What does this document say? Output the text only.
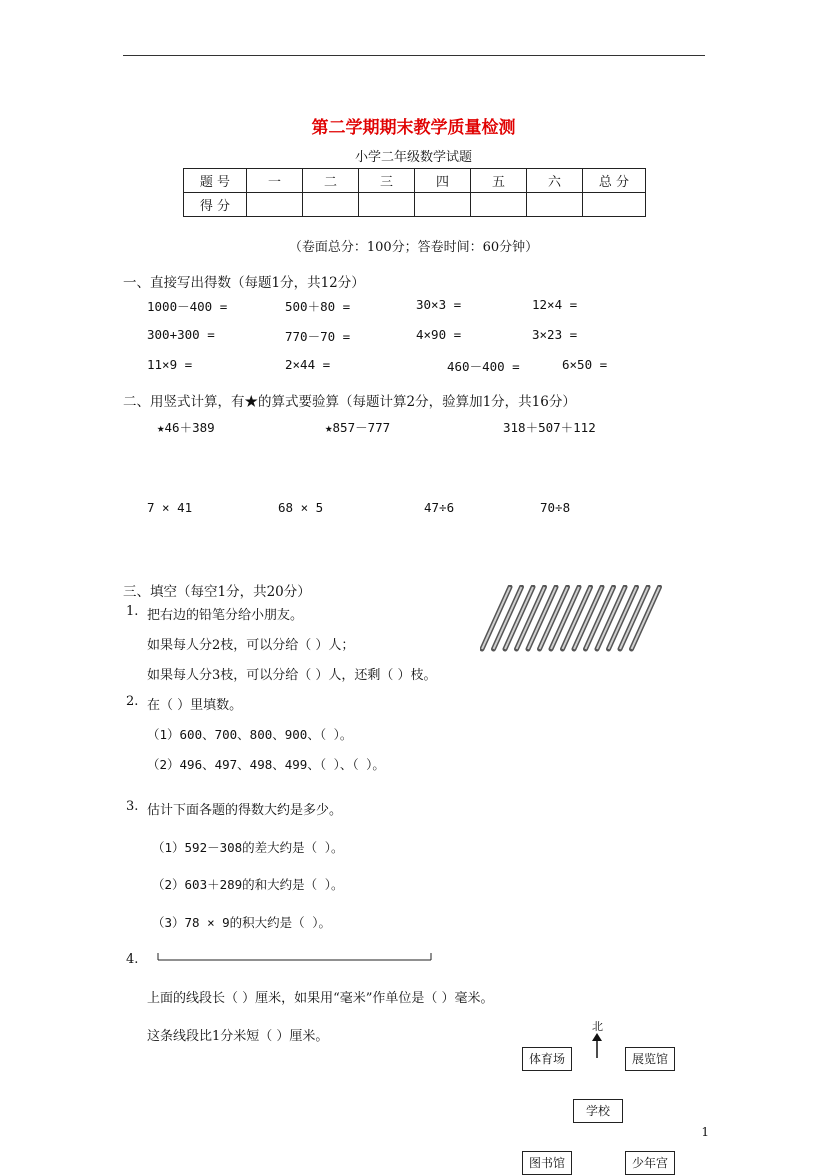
第二学期期末教学质量检测
小学二年级数学试题
题 号	一	二	三	四	五	六	总 分
得 分							
（卷面总分：100分；答卷时间：60分钟）
一、直接写出得数（每题1分，共12分）
1000－400 =	500＋80 =	30×3 =	12×4 =
300+300 =	770－70 =	4×90 =	3×23 =
11×9 =	2×44 =	460－400 =	6×50 =
二、用竖式计算，有★的算式要验算（每题计算2分，验算加1分，共16分）
★46＋389	★857－777	318＋507＋112
7 × 41	68 × 5	47÷6	70÷8
三、填空（每空1分，共20分）
1. 把右边的铅笔分给小朋友。
如果每人分2枝，可以分给（ ）人；
如果每人分3枝，可以分给（ ）人，还剩（ ）枝。
2. 在（ ）里填数。
（1）600、700、800、900、（ ）。
（2）496、497、498、499、（ ）、（ ）。
3. 估计下面各题的得数大约是多少。
（1）592－308的差大约是（ ）。
（2）603＋289的和大约是（ ）。
（3）78 × 9的积大约是（ ）。
4.
上面的线段长（ ）厘米，如果用“毫米”作单位是（ ）毫米。
这条线段比1分米短（ ）厘米。
北
体育场	展览馆
学校
图书馆	少年宫
1
